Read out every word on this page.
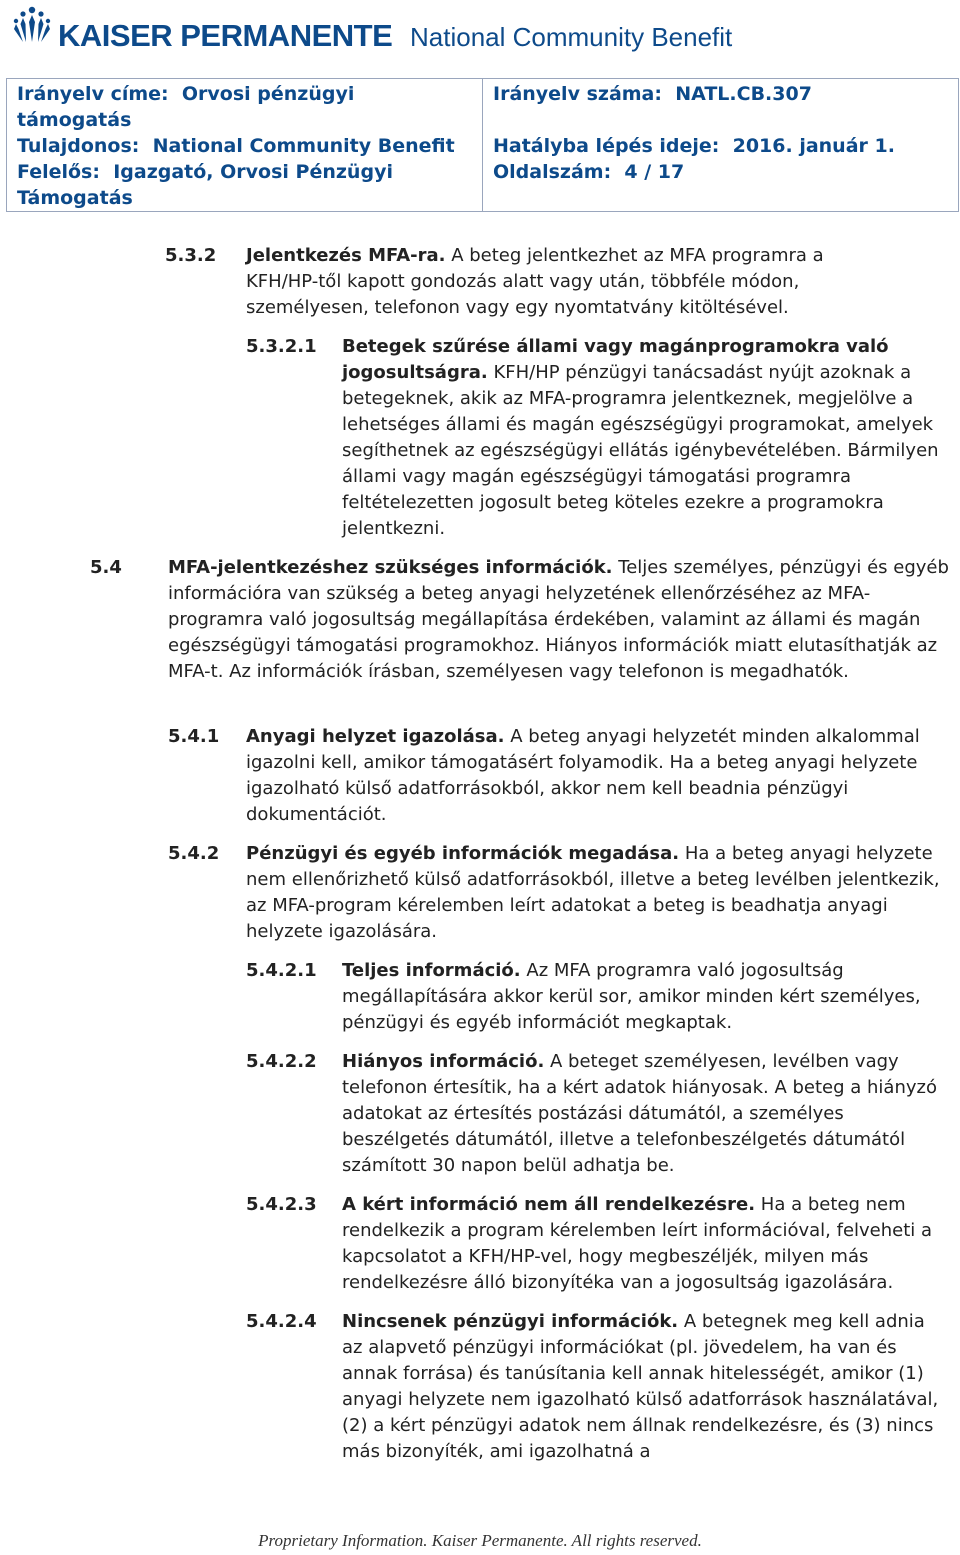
KAISER PERMANENTE National Community Benefit
Irányelv címe: Orvosi pénzügyi
támogatás
Tulajdonos: National Community Benefit
Felelős: Igazgató, Orvosi Pénzügyi
Támogatás

Irányelv száma: NATL.CB.307

Hatályba lépés ideje: 2016. január 1.
Oldalszám: 4 / 17
5.3.2 Jelentkezés MFA-ra. A beteg jelentkezhet az MFA programra a KFH/HP-től kapott gondozás alatt vagy után, többféle módon, személyesen, telefonon vagy egy nyomtatvány kitöltésével.
5.3.2.1 Betegek szűrése állami vagy magánprogramokra való jogosultságra. KFH/HP pénzügyi tanácsadást nyújt azoknak a betegeknek, akik az MFA-programra jelentkeznek, megjelölve a lehetséges állami és magán egészségügyi programokat, amelyek segíthetnek az egészségügyi ellátás igénybevételében. Bármilyen állami vagy magán egészségügyi támogatási programra feltételezetten jogosult beteg köteles ezekre a programokra jelentkezni.
5.4	MFA-jelentkezéshez szükséges információk. Teljes személyes, pénzügyi és egyéb információra van szükség a beteg anyagi helyzetének ellenőrzéséhez az MFA-programra való jogosultság megállapítása érdekében, valamint az állami és magán egészségügyi támogatási programokhoz. Hiányos információk miatt elutasíthatják az MFA-t. Az információk írásban, személyesen vagy telefonon is megadhatók.
5.4.1 Anyagi helyzet igazolása. A beteg anyagi helyzetét minden alkalommal igazolni kell, amikor támogatásért folyamodik. Ha a beteg anyagi helyzete igazolható külső adatforrásokból, akkor nem kell beadnia pénzügyi dokumentációt.
5.4.2 Pénzügyi és egyéb információk megadása. Ha a beteg anyagi helyzete nem ellenőrizhető külső adatforrásokból, illetve a beteg levélben jelentkezik, az MFA-program kérelemben leírt adatokat a beteg is beadhatja anyagi helyzete igazolására.
5.4.2.1 Teljes információ. Az MFA programra való jogosultság megállapítására akkor kerül sor, amikor minden kért személyes, pénzügyi és egyéb információt megkaptak.
5.4.2.2 Hiányos információ. A beteget személyesen, levélben vagy telefonon értesítik, ha a kért adatok hiányosak. A beteg a hiányzó adatokat az értesítés postázási dátumától, a személyes beszélgetés dátumától, illetve a telefonbeszélgetés dátumától számított 30 napon belül adhatja be.
5.4.2.3 A kért információ nem áll rendelkezésre. Ha a beteg nem rendelkezik a program kérelemben leírt információval, felveheti a kapcsolatot a KFH/HP-vel, hogy megbeszéljék, milyen más rendelkezésre álló bizonyítéka van a jogosultság igazolására.
5.4.2.4 Nincsenek pénzügyi információk. A betegnek meg kell adnia az alapvető pénzügyi információkat (pl. jövedelem, ha van és annak forrása) és tanúsítania kell annak hitelességét, amikor (1) anyagi helyzete nem igazolható külső adatforrások használatával, (2) a kért pénzügyi adatok nem állnak rendelkezésre, és (3) nincs más bizonyíték, ami igazolhatná a
Proprietary Information. Kaiser Permanente. All rights reserved.
